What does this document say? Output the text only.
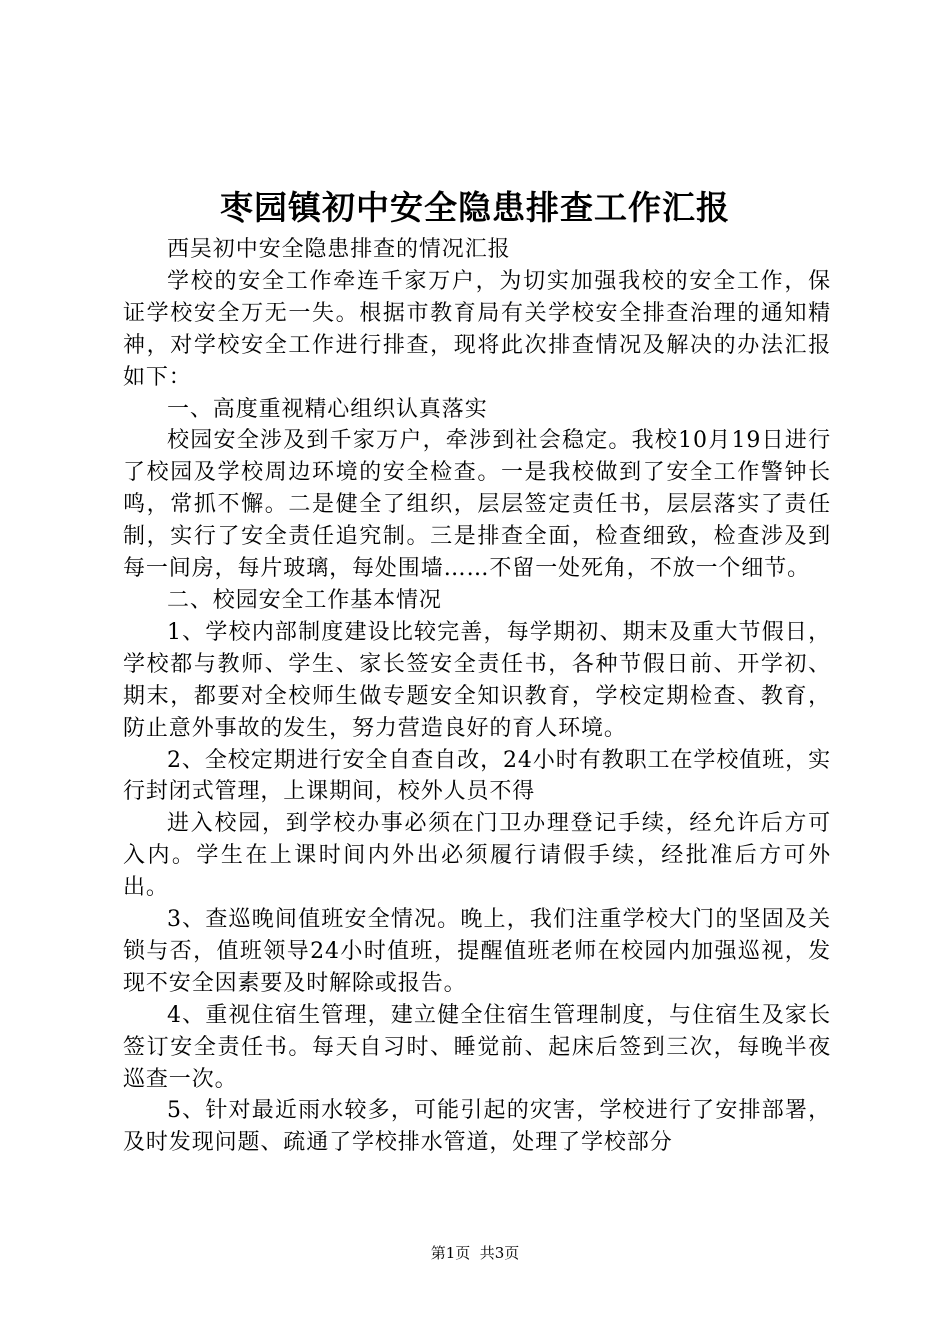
枣园镇初中安全隐患排查工作汇报

西吴初中安全隐患排查的情况汇报

学校的安全工作牵连千家万户，为切实加强我校的安全工作，保证学校安全万无一失。根据市教育局有关学校安全排查治理的通知精神，对学校安全工作进行排查，现将此次排查情况及解决的办法汇报如下：

一、高度重视精心组织认真落实

校园安全涉及到千家万户，牵涉到社会稳定。我校10月19日进行了校园及学校周边环境的安全检查。一是我校做到了安全工作警钟长鸣，常抓不懈。二是健全了组织，层层签定责任书，层层落实了责任制，实行了安全责任追究制。三是排查全面，检查细致，检查涉及到每一间房，每片玻璃，每处围墙……不留一处死角，不放一个细节。

二、校园安全工作基本情况

1、学校内部制度建设比较完善，每学期初、期末及重大节假日，学校都与教师、学生、家长签安全责任书，各种节假日前、开学初、期末，都要对全校师生做专题安全知识教育，学校定期检查、教育，防止意外事故的发生，努力营造良好的育人环境。

2、全校定期进行安全自查自改，24小时有教职工在学校值班，实行封闭式管理，上课期间，校外人员不得

进入校园，到学校办事必须在门卫办理登记手续，经允许后方可入内。学生在上课时间内外出必须履行请假手续，经批准后方可外出。

3、查巡晚间值班安全情况。晚上，我们注重学校大门的坚固及关锁与否，值班领导24小时值班，提醒值班老师在校园内加强巡视，发现不安全因素要及时解除或报告。

4、重视住宿生管理，建立健全住宿生管理制度，与住宿生及家长签订安全责任书。每天自习时、睡觉前、起床后签到三次，每晚半夜巡查一次。

5、针对最近雨水较多，可能引起的灾害，学校进行了安排部署，及时发现问题、疏通了学校排水管道，处理了学校部分

第1页  共3页
